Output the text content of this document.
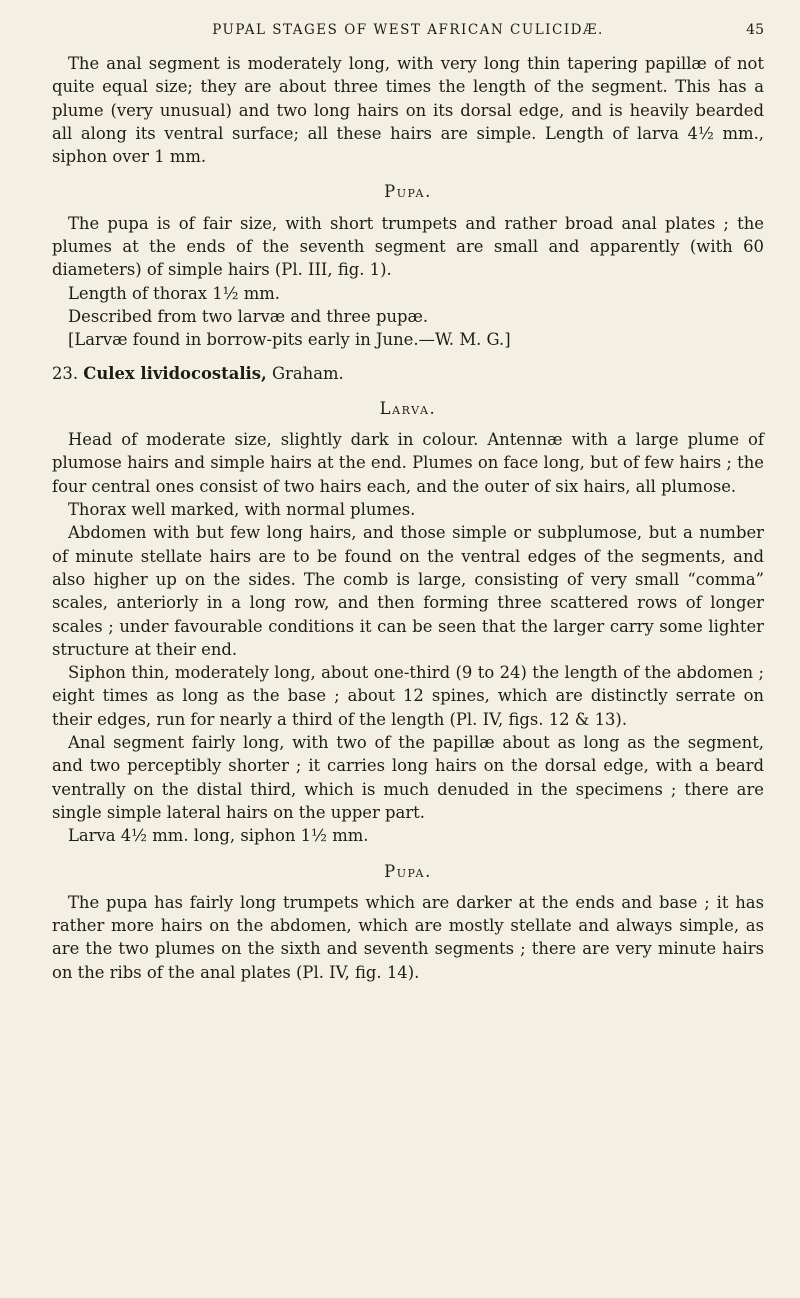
PUPAL STAGES OF WEST AFRICAN CULICIDÆ.	45

The anal segment is moderately long, with very long thin tapering papillæ of not quite equal size; they are about three times the length of the segment. This has a plume (very unusual) and two long hairs on its dorsal edge, and is heavily bearded all along its ventral surface; all these hairs are simple. Length of larva 4½ mm., siphon over 1 mm.

Pupa.

The pupa is of fair size, with short trumpets and rather broad anal plates ; the plumes at the ends of the seventh segment are small and apparently (with 60 diameters) of simple hairs (Pl. III, fig. 1).

Length of thorax 1½ mm.

Described from two larvæ and three pupæ.

[Larvæ found in borrow-pits early in June.—W. M. G.]

23. Culex lividocostalis, Graham.

Larva.

Head of moderate size, slightly dark in colour. Antennæ with a large plume of plumose hairs and simple hairs at the end. Plumes on face long, but of few hairs ; the four central ones consist of two hairs each, and the outer of six hairs, all plumose.

Thorax well marked, with normal plumes.

Abdomen with but few long hairs, and those simple or subplumose, but a number of minute stellate hairs are to be found on the ventral edges of the segments, and also higher up on the sides. The comb is large, consisting of very small “comma” scales, anteriorly in a long row, and then forming three scattered rows of longer scales ; under favourable conditions it can be seen that the larger carry some lighter structure at their end.

Siphon thin, moderately long, about one-third (9 to 24) the length of the abdomen ; eight times as long as the base ; about 12 spines, which are distinctly serrate on their edges, run for nearly a third of the length (Pl. IV, figs. 12 & 13).

Anal segment fairly long, with two of the papillæ about as long as the segment, and two perceptibly shorter ; it carries long hairs on the dorsal edge, with a beard ventrally on the distal third, which is much denuded in the specimens ; there are single simple lateral hairs on the upper part.

Larva 4½ mm. long, siphon 1½ mm.

Pupa.

The pupa has fairly long trumpets which are darker at the ends and base ; it has rather more hairs on the abdomen, which are mostly stellate and always simple, as are the two plumes on the sixth and seventh segments ; there are very minute hairs on the ribs of the anal plates (Pl. IV, fig. 14).
